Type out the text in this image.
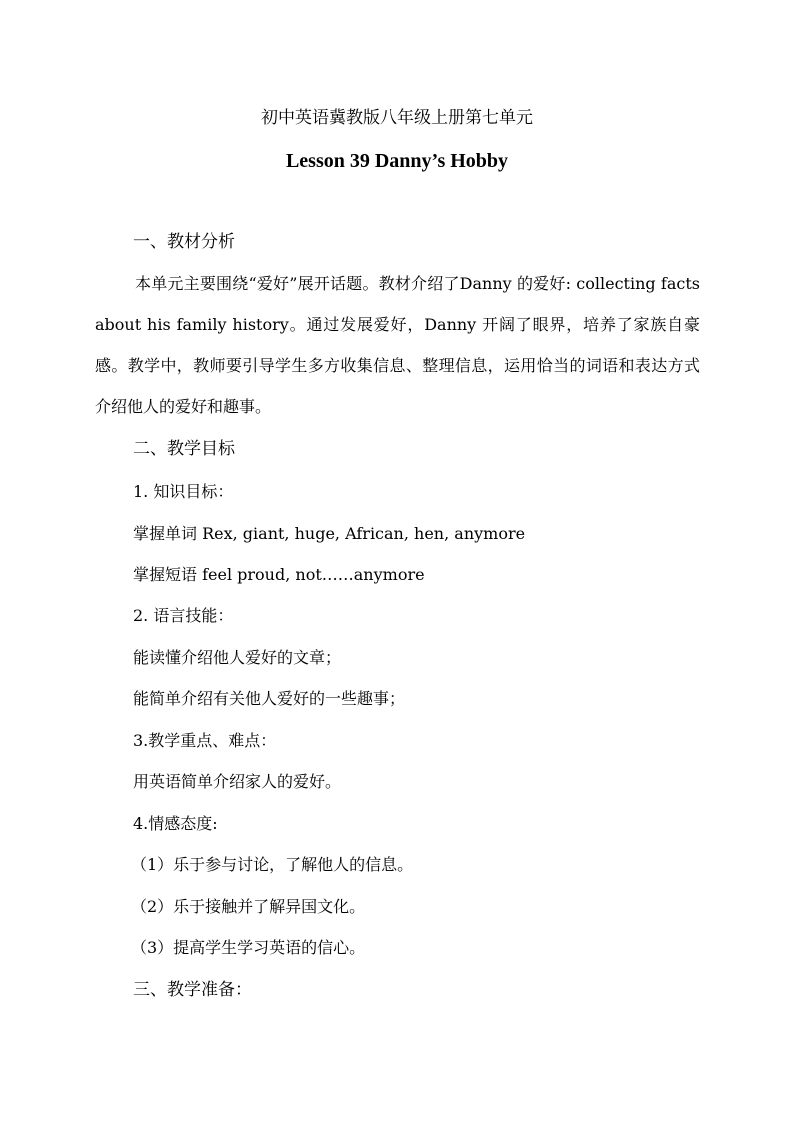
初中英语冀教版八年级上册第七单元
Lesson 39 Danny’s Hobby
一、教材分析
本单元主要围绕“爱好”展开话题。教材介绍了Danny 的爱好: collecting facts about his family history。通过发展爱好，Danny 开阔了眼界，培养了家族自豪感。教学中，教师要引导学生多方收集信息、整理信息，运用恰当的词语和表达方式介绍他人的爱好和趣事。
二、教学目标
1. 知识目标：
掌握单词 Rex, giant, huge, African, hen, anymore
掌握短语 feel proud, not……anymore
2. 语言技能：
能读懂介绍他人爱好的文章；
能简单介绍有关他人爱好的一些趣事；
3.教学重点、难点：
用英语简单介绍家人的爱好。
4.情感态度:
（1）乐于参与讨论，了解他人的信息。
（2）乐于接触并了解异国文化。
（3）提高学生学习英语的信心。
三、教学准备：
